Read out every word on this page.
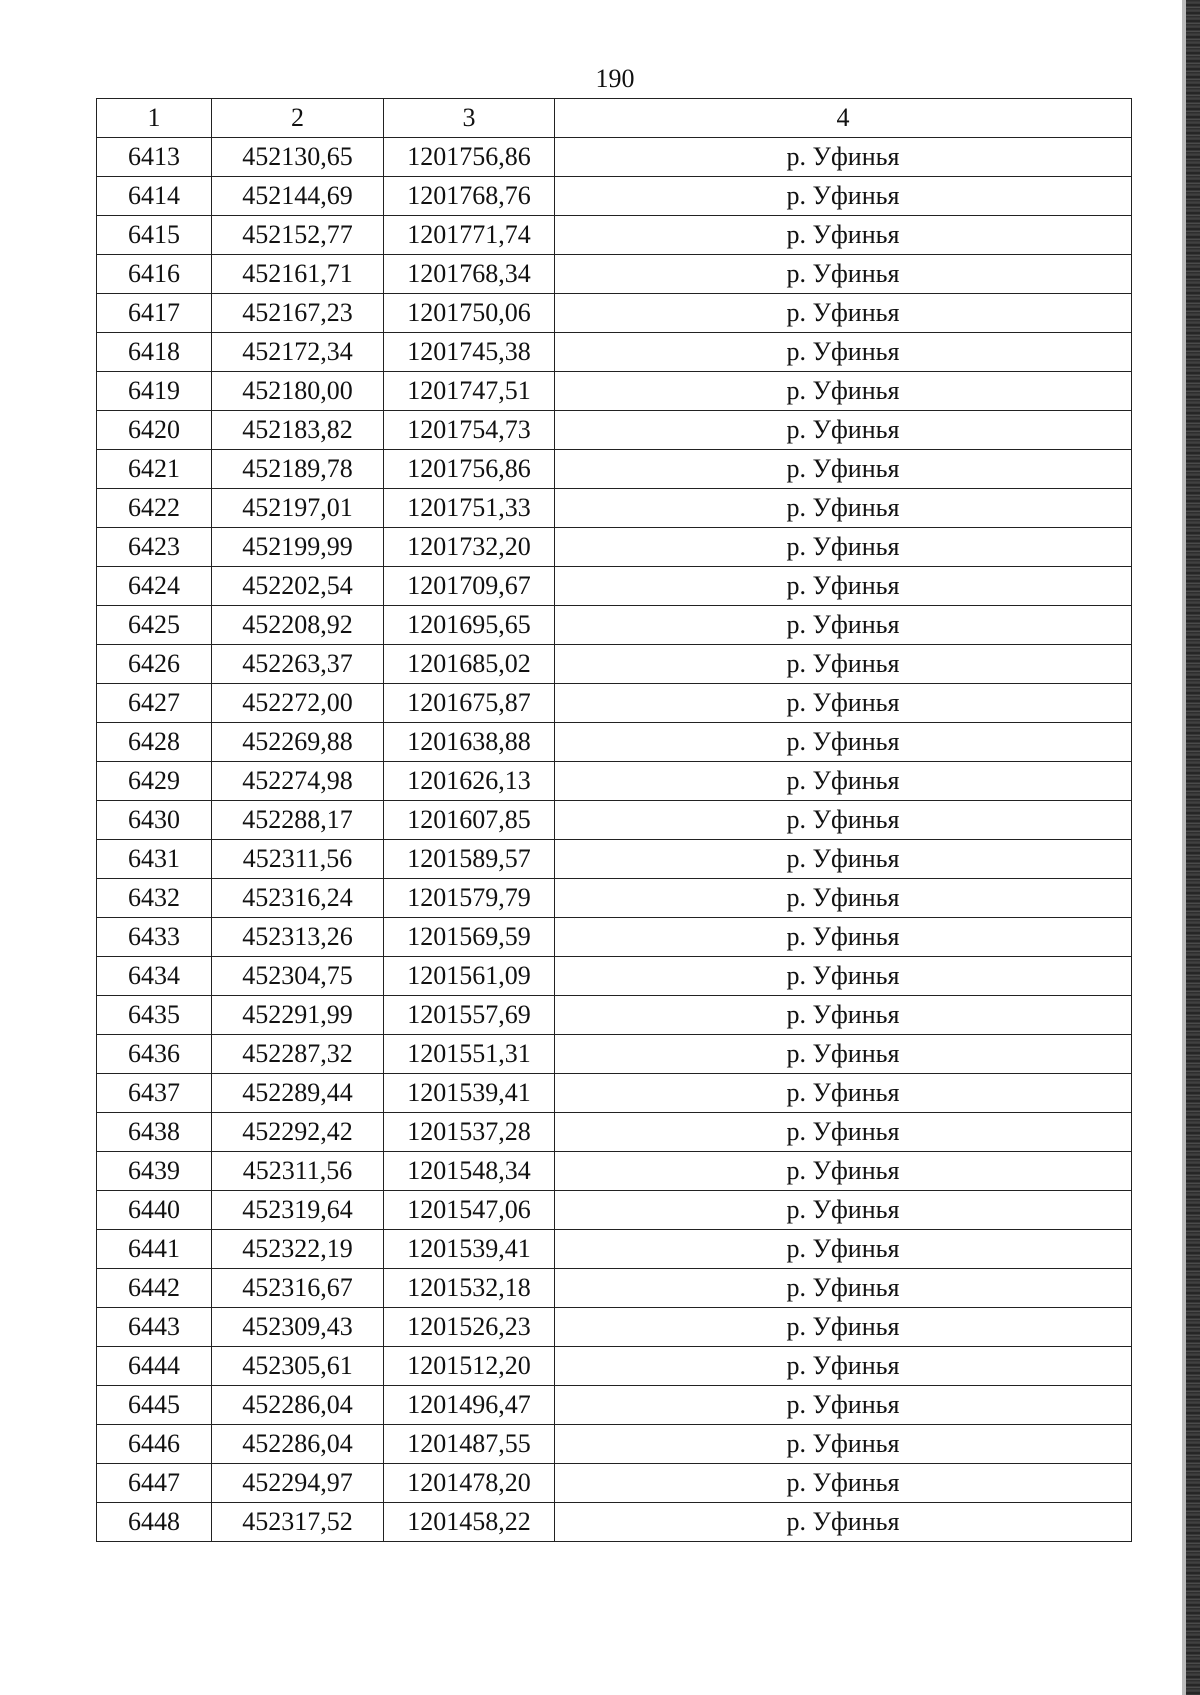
190
1	2	3	4
6413	452130,65	1201756,86	р. Уфинья
6414	452144,69	1201768,76	р. Уфинья
6415	452152,77	1201771,74	р. Уфинья
6416	452161,71	1201768,34	р. Уфинья
6417	452167,23	1201750,06	р. Уфинья
6418	452172,34	1201745,38	р. Уфинья
6419	452180,00	1201747,51	р. Уфинья
6420	452183,82	1201754,73	р. Уфинья
6421	452189,78	1201756,86	р. Уфинья
6422	452197,01	1201751,33	р. Уфинья
6423	452199,99	1201732,20	р. Уфинья
6424	452202,54	1201709,67	р. Уфинья
6425	452208,92	1201695,65	р. Уфинья
6426	452263,37	1201685,02	р. Уфинья
6427	452272,00	1201675,87	р. Уфинья
6428	452269,88	1201638,88	р. Уфинья
6429	452274,98	1201626,13	р. Уфинья
6430	452288,17	1201607,85	р. Уфинья
6431	452311,56	1201589,57	р. Уфинья
6432	452316,24	1201579,79	р. Уфинья
6433	452313,26	1201569,59	р. Уфинья
6434	452304,75	1201561,09	р. Уфинья
6435	452291,99	1201557,69	р. Уфинья
6436	452287,32	1201551,31	р. Уфинья
6437	452289,44	1201539,41	р. Уфинья
6438	452292,42	1201537,28	р. Уфинья
6439	452311,56	1201548,34	р. Уфинья
6440	452319,64	1201547,06	р. Уфинья
6441	452322,19	1201539,41	р. Уфинья
6442	452316,67	1201532,18	р. Уфинья
6443	452309,43	1201526,23	р. Уфинья
6444	452305,61	1201512,20	р. Уфинья
6445	452286,04	1201496,47	р. Уфинья
6446	452286,04	1201487,55	р. Уфинья
6447	452294,97	1201478,20	р. Уфинья
6448	452317,52	1201458,22	р. Уфинья
